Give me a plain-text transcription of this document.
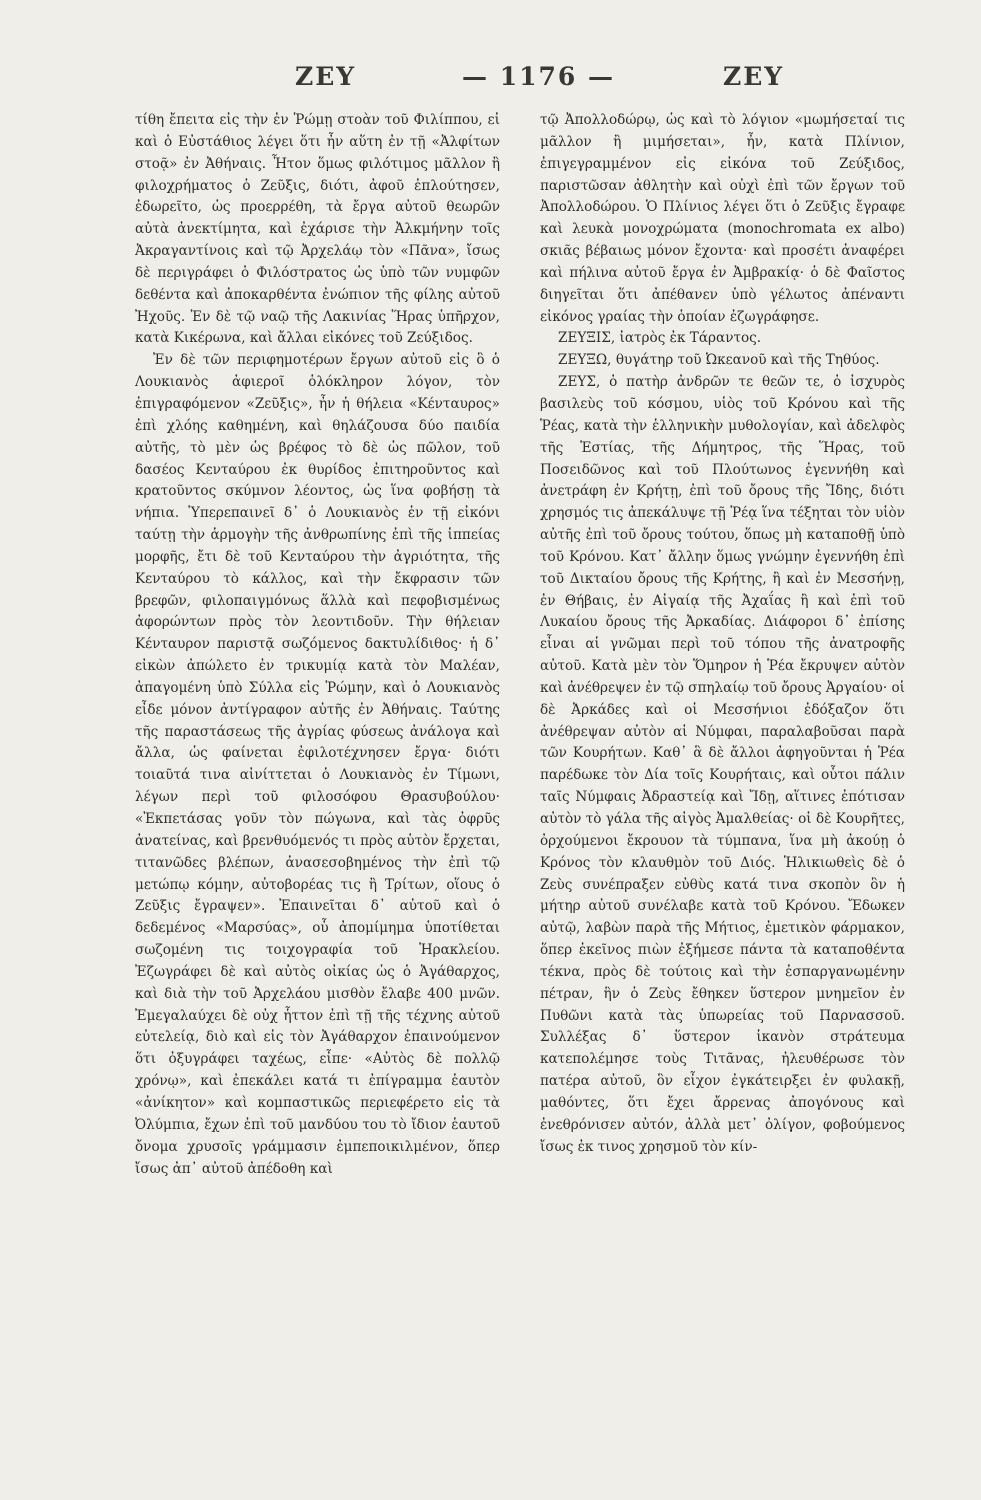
ΖΕΥ	— 1176 —	ΖΕΥ

τίθη ἔπειτα εἰς τὴν ἐν Ῥώμῃ στοὰν τοῦ Φιλίππου, εἰ καὶ ὁ Εὐστάθιος λέγει ὅτι ἦν αὕτη ἐν τῇ «Ἀλφίτων στοᾷ» ἐν Ἀθήναις. Ἦτον ὅμως φιλότιμος μᾶλλον ἢ φιλοχρήματος ὁ Ζεῦξις, διότι, ἀφοῦ ἐπλούτησεν, ἐδωρεῖτο, ὡς προερρέθη, τὰ ἔργα αὐτοῦ θεωρῶν αὐτὰ ἀνεκτίμητα, καὶ ἐχάρισε τὴν Ἀλκμήνην τοῖς Ἀκραγαντίνοις καὶ τῷ Ἀρχελάῳ τὸν «Πᾶνα», ἴσως δὲ περιγράφει ὁ Φιλόστρατος ὡς ὑπὸ τῶν νυμφῶν δεθέντα καὶ ἀποκαρθέντα ἐνώπιον τῆς φίλης αὐτοῦ Ἠχοῦς. Ἐν δὲ τῷ ναῷ τῆς Λακινίας Ἥρας ὑπῆρχον, κατὰ Κικέρωνα, καὶ ἄλλαι εἰκόνες τοῦ Ζεύξιδος.

Ἐν δὲ τῶν περιφημοτέρων ἔργων αὐτοῦ εἰς ὃ ὁ Λουκιανὸς ἀφιεροῖ ὁλόκληρον λόγον, τὸν ἐπιγραφόμενον «Ζεῦξις», ἦν ἡ θήλεια «Κένταυρος» ἐπὶ χλόης καθημένη, καὶ θηλάζουσα δύο παιδία αὐτῆς, τὸ μὲν ὡς βρέφος τὸ δὲ ὡς πῶλον, τοῦ δασέος Κενταύρου ἐκ θυρίδος ἐπιτηροῦντος καὶ κρατοῦντος σκύμνον λέοντος, ὡς ἵνα φοβήσῃ τὰ νήπια. Ὑπερεπαινεῖ δ᾽ ὁ Λουκιανὸς ἐν τῇ εἰκόνι ταύτῃ τὴν ἁρμογὴν τῆς ἀνθρωπίνης ἐπὶ τῆς ἱππείας μορφῆς, ἔτι δὲ τοῦ Κενταύρου τὴν ἀγριότητα, τῆς Κενταύρου τὸ κάλλος, καὶ τὴν ἔκφρασιν τῶν βρεφῶν, φιλοπαιγμόνως ἅλλὰ καὶ πεφοβισμένως ἀφορώντων πρὸς τὸν λεοντιδοῦν. Τὴν θήλειαν Κένταυρον παριστᾷ σωζόμενος δακτυλίδιθος· ἡ δ᾽ εἰκὼν ἀπώλετο ἐν τρικυμίᾳ κατὰ τὸν Μαλέαν, ἀπαγομένη ὑπὸ Σύλλα εἰς Ῥώμην, καὶ ὁ Λουκιανὸς εἶδε μόνον ἀντίγραφον αὐτῆς ἐν Ἀθήναις. Ταύτης τῆς παραστάσεως τῆς ἀγρίας φύσεως ἀνάλογα καὶ ἄλλα, ὡς φαίνεται ἐφιλοτέχνησεν ἔργα· διότι τοιαῦτά τινα αἰνίττεται ὁ Λουκιανὸς ἐν Τίμωνι, λέγων περὶ τοῦ φιλοσόφου Θρασυβούλου· «Ἐκπετάσας γοῦν τὸν πώγωνα, καὶ τὰς ὀφρῦς ἀνατείνας, καὶ βρενθυόμενός τι πρὸς αὑτὸν ἔρχεται, τιτανῶδες βλέπων, ἀνασεσοβημένος τὴν ἐπὶ τῷ μετώπῳ κόμην, αὐτοβορέας τις ἢ Τρίτων, οἵους ὁ Ζεῦξις ἔγραψεν». Ἐπαινεῖται δ᾽ αὐτοῦ καὶ ὁ δεδεμένος «Μαρσύας», οὗ ἀπομίμημα ὑποτίθεται σωζομένη τις τοιχογραφία τοῦ Ἡρακλείου. Ἐζωγράφει δὲ καὶ αὐτὸς οἰκίας ὡς ὁ Ἀγάθαρχος, καὶ διὰ τὴν τοῦ Ἀρχελάου μισθὸν ἔλαβε 400 μνῶν. Ἐμεγαλαύχει δὲ οὐχ ἧττον ἐπὶ τῇ τῆς τέχνης αὐτοῦ εὐτελείᾳ, διὸ καὶ εἰς τὸν Ἀγάθαρχον ἐπαινούμενον ὅτι ὀξυγράφει ταχέως, εἶπε· «Αὐτὸς δὲ πολλῷ χρόνῳ», καὶ ἐπεκάλει κατά τι ἐπίγραμμα ἑαυτὸν «ἀνίκητον» καὶ κομπαστικῶς περιεφέρετο εἰς τὰ Ὀλύμπια, ἔχων ἐπὶ τοῦ μανδύου του τὸ ἴδιον ἑαυτοῦ ὄνομα χρυσοῖς γράμμασιν ἐμπεποικιλμένον, ὅπερ ἴσως ἀπ᾽ αὐτοῦ ἀπέδοθη καὶ

τῷ Ἀπολλοδώρῳ, ὡς καὶ τὸ λόγιον «μωμήσεταί τις μᾶλλον ἢ μιμήσεται», ἦν, κατὰ Πλίνιον, ἐπιγεγραμμένον εἰς εἰκόνα τοῦ Ζεύξιδος, παριστῶσαν ἀθλητὴν καὶ οὐχὶ ἐπὶ τῶν ἔργων τοῦ Ἀπολλοδώρου. Ὁ Πλίνιος λέγει ὅτι ὁ Ζεῦξις ἔγραφε καὶ λευκὰ μονοχρώματα (monochromata ex albo) σκιᾶς βέβαιως μόνον ἔχοντα· καὶ προσέτι ἀναφέρει καὶ πήλινα αὐτοῦ ἔργα ἐν Ἀμβρακίᾳ· ὁ δὲ Φαῖστος διηγεῖται ὅτι ἀπέθανεν ὑπὸ γέλωτος ἀπέναντι εἰκόνος γραίας τὴν ὁποίαν ἐζωγράφησε.

ΖΕΥΞΙΣ, ἰατρὸς ἐκ Τάραντος.

ΖΕΥΞΩ, θυγάτηρ τοῦ Ὠκεανοῦ καὶ τῆς Τηθύος.

ΖΕΥΣ, ὁ πατὴρ ἀνδρῶν τε θεῶν τε, ὁ ἰσχυρὸς βασιλεὺς τοῦ κόσμου, υἱὸς τοῦ Κρόνου καὶ τῆς Ῥέας, κατὰ τὴν ἑλληνικὴν μυθολογίαν, καὶ ἀδελφὸς τῆς Ἑστίας, τῆς Δήμητρος, τῆς Ἥρας, τοῦ Ποσειδῶνος καὶ τοῦ Πλούτωνος ἐγεννήθη καὶ ἀνετράφη ἐν Κρήτῃ, ἐπὶ τοῦ ὄρους τῆς Ἴδης, διότι χρησμός τις ἀπεκάλυψε τῇ Ῥέᾳ ἵνα τέξηται τὸν υἱὸν αὐτῆς ἐπὶ τοῦ ὄρους τούτου, ὅπως μὴ καταποθῇ ὑπὸ τοῦ Κρόνου. Κατ᾽ ἄλλην ὅμως γνώμην ἐγεννήθη ἐπὶ τοῦ Δικταίου ὄρους τῆς Κρήτης, ἢ καὶ ἐν Μεσσήνῃ, ἐν Θήβαις, ἐν Αἰγαίᾳ τῆς Ἀχαΐας ἢ καὶ ἐπὶ τοῦ Λυκαίου ὄρους τῆς Ἀρκαδίας. Διάφοροι δ᾽ ἐπίσης εἶναι αἱ γνῶμαι περὶ τοῦ τόπου τῆς ἀνατροφῆς αὐτοῦ. Κατὰ μὲν τὸν Ὅμηρον ἡ Ῥέα ἔκρυψεν αὐτὸν καὶ ἀνέθρεψεν ἐν τῷ σπηλαίῳ τοῦ ὄρους Ἀργαίου· οἱ δὲ Ἀρκάδες καὶ οἱ Μεσσήνιοι ἐδόξαζον ὅτι ἀνέθρεψαν αὐτὸν αἱ Νύμφαι, παραλαβοῦσαι παρὰ τῶν Κουρήτων. Καθ᾽ ἃ δὲ ἄλλοι ἀφηγοῦνται ἡ Ῥέα παρέδωκε τὸν Δία τοῖς Κουρήταις, καὶ οὗτοι πάλιν ταῖς Νύμφαις Ἀδραστείᾳ καὶ Ἴδῃ, αἵτινες ἐπότισαν αὐτὸν τὸ γάλα τῆς αἰγὸς Ἀμαλθείας· οἱ δὲ Κουρῆτες, ὀρχούμενοι ἔκρουον τὰ τύμπανα, ἵνα μὴ ἀκούῃ ὁ Κρόνος τὸν κλαυθμὸν τοῦ Διός. Ἡλικιωθεὶς δὲ ὁ Ζεὺς συνέπραξεν εὐθὺς κατά τινα σκοπὸν ὃν ἡ μήτηρ αὐτοῦ συνέλαβε κατὰ τοῦ Κρόνου. Ἔδωκεν αὐτῷ, λαβὼν παρὰ τῆς Μήτιος, ἐμετικὸν φάρμακον, ὅπερ ἐκεῖνος πιὼν ἐξήμεσε πάντα τὰ καταποθέντα τέκνα, πρὸς δὲ τούτοις καὶ τὴν ἐσπαργανωμένην πέτραν, ἣν ὁ Ζεὺς ἔθηκεν ὕστερον μνημεῖον ἐν Πυθῶνι κατὰ τὰς ὑπωρείας τοῦ Παρνασσοῦ. Συλλέξας δ᾽ ὕστερον ἱκανὸν στράτευμα κατεπολέμησε τοὺς Τιτᾶνας, ἠλευθέρωσε τὸν πατέρα αὐτοῦ, ὃν εἶχον ἐγκάτειρξει ἐν φυλακῇ, μαθόντες, ὅτι ἔχει ἄρρενας ἀπογόνους καὶ ἐνεθρόνισεν αὐτόν, ἀλλὰ μετ᾽ ὀλίγον, φοβούμενος ἴσως ἐκ τινος χρησμοῦ τὸν κίν-
